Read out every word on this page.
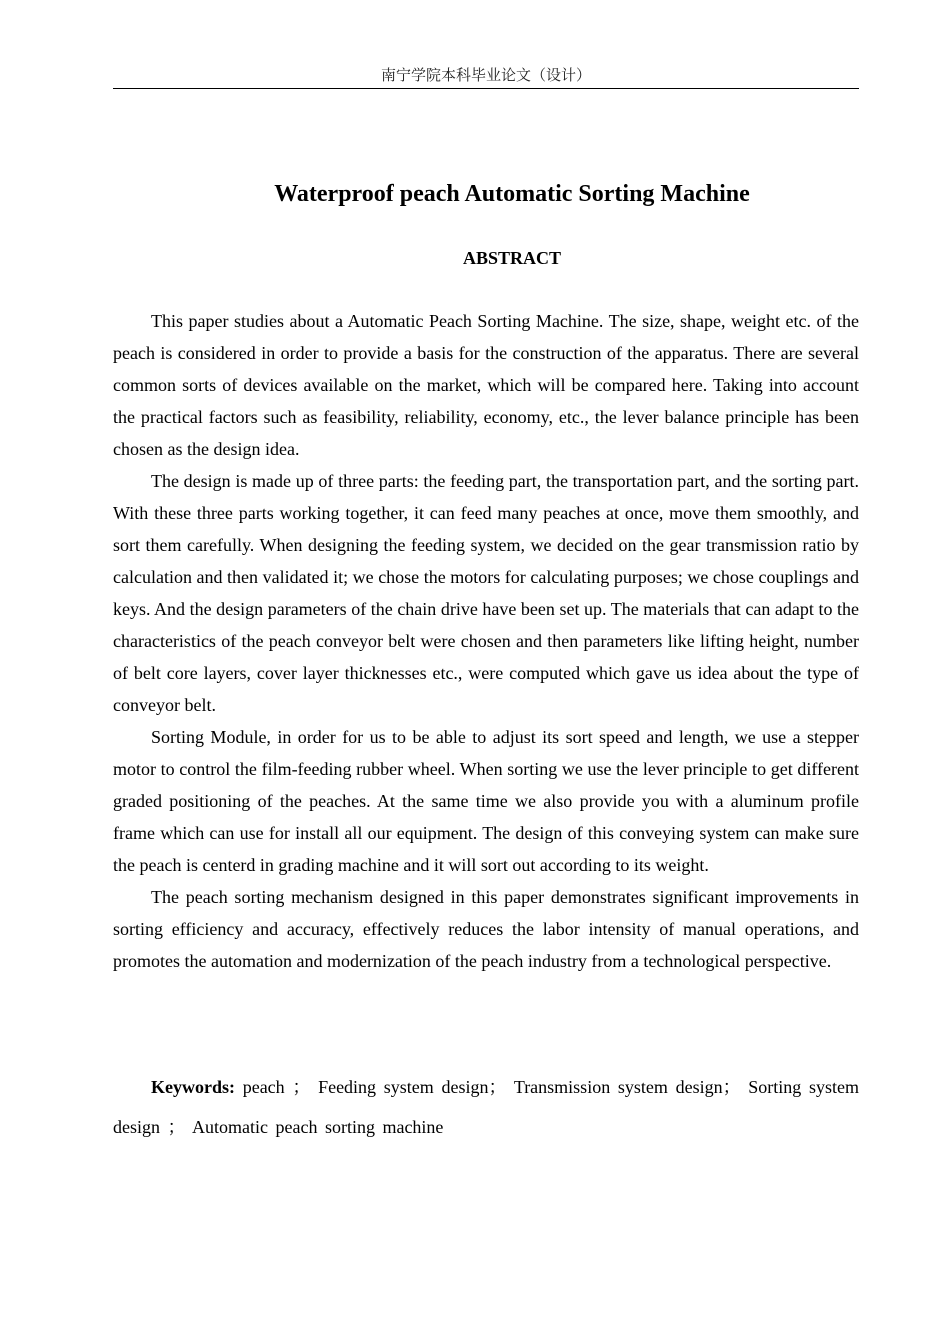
南宁学院本科毕业论文（设计）
Waterproof peach Automatic Sorting Machine
ABSTRACT

This paper studies about a Automatic Peach Sorting Machine. The size, shape, weight etc. of the peach is considered in order to provide a basis for the construction of the apparatus. There are several common sorts of devices available on the market, which will be compared here. Taking into account the practical factors such as feasibility, reliability, economy, etc., the lever balance principle has been chosen as the design idea.

The design is made up of three parts: the feeding part, the transportation part, and the sorting part. With these three parts working together, it can feed many peaches at once, move them smoothly, and sort them carefully. When designing the feeding system, we decided on the gear transmission ratio by calculation and then validated it; we chose the motors for calculating purposes; we chose couplings and keys. And the design parameters of the chain drive have been set up. The materials that can adapt to the characteristics of the peach conveyor belt were chosen and then parameters like lifting height, number of belt core layers, cover layer thicknesses etc., were computed which gave us idea about the type of conveyor belt.

Sorting Module, in order for us to be able to adjust its sort speed and length, we use a stepper motor to control the film-feeding rubber wheel. When sorting we use the lever principle to get different graded positioning of the peaches. At the same time we also provide you with a aluminum profile frame which can use for install all our equipment. The design of this conveying system can make sure the peach is centerd in grading machine and it will sort out according to its weight.

The peach sorting mechanism designed in this paper demonstrates significant improvements in sorting efficiency and accuracy, effectively reduces the labor intensity of manual operations, and promotes the automation and modernization of the peach industry from a technological perspective.

Keywords: peach ； Feeding system design； Transmission system design； Sorting system design ； Automatic peach sorting machine
